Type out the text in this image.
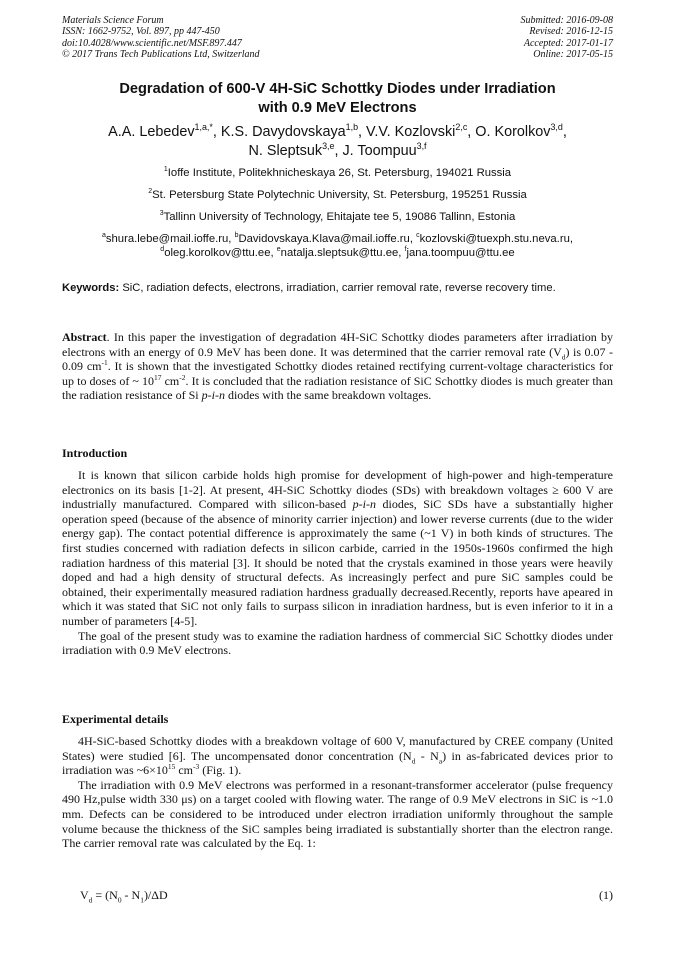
Materials Science Forum
ISSN: 1662-9752, Vol. 897, pp 447-450
doi:10.4028/www.scientific.net/MSF.897.447
© 2017 Trans Tech Publications Ltd, Switzerland
Submitted: 2016-09-08
Revised: 2016-12-15
Accepted: 2017-01-17
Online: 2017-05-15
Degradation of 600-V 4H-SiC Schottky Diodes under Irradiation
with 0.9 MeV Electrons
A.A. Lebedev$^{1,a,*}$, K.S. Davydovskaya$^{1,b}$, V.V. Kozlovski$^{2,c}$, O. Korolkov$^{3,d}$,
N. Sleptsuk$^{3,e}$, J. Toompuu$^{3,f}$
$^1$Ioffe Institute, Politekhnicheskaya 26, St. Petersburg, 194021 Russia
$^2$St. Petersburg State Polytechnic University, St. Petersburg, 195251 Russia
$^3$Tallinn University of Technology, Ehitajate tee 5, 19086 Tallinn, Estonia
$^a$shura.lebe@mail.ioffe.ru, $^b$Davidovskaya.Klava@mail.ioffe.ru, $^c$kozlovski@tuexph.stu.neva.ru,
$^d$oleg.korolkov@ttu.ee, $^e$natalja.sleptsuk@ttu.ee, $^f$jana.toompuu@ttu.ee
Keywords: SiC, radiation defects, electrons, irradiation, carrier removal rate, reverse recovery time.

Abstract. In this paper the investigation of degradation 4H-SiC Schottky diodes parameters after irradiation by electrons with an energy of 0.9 MeV has been done. It was determined that the carrier removal rate $(V_d)$ is 0.07 - 0.09 $cm^{-1}$. It is shown that the investigated Schottky diodes retained rectifying current-voltage characteristics for up to doses of ~ $10^{17}$ $cm^{-2}$. It is concluded that the radiation resistance of SiC Schottky diodes is much greater than the radiation resistance of Si p-i-n diodes with the same breakdown voltages.

Introduction

It is known that silicon carbide holds high promise for development of high-power and high-temperature electronics on its basis [1-2]. At present, 4H-SiC Schottky diodes (SDs) with breakdown voltages ≥ 600 V are industrially manufactured. Compared with silicon-based p-i-n diodes, SiC SDs have a substantially higher operation speed (because of the absence of minority carrier injection) and lower reverse currents (due to the wider energy gap). The contact potential difference is approximately the same (~1 V) in both kinds of structures. The first studies concerned with radiation defects in silicon carbide, carried in the 1950s-1960s confirmed the high radiation hardness of this material [3]. It should be noted that the crystals examined in those years were heavily doped and had a high density of structural defects. As increasingly perfect and pure SiC samples could be obtained, their experimentally measured radiation hardness gradually decreased.Recently, reports have apeared in which it was stated that SiC not only fails to surpass silicon in inradiation hardness, but is even inferior to it in a number of parameters [4-5].

The goal of the present study was to examine the radiation hardness of commercial SiC Schottky diodes under irradiation with 0.9 MeV electrons.

Experimental details

4H-SiC-based Schottky diodes with a breakdown voltage of 600 V, manufactured by CREE company (United States) were studied [6]. The uncompensated donor concentration $(N_d - N_a)$ in as-fabricated devices prior to irradiation was $\sim 6\times 10^{15}$ $cm^{-3}$ (Fig. 1).

The irradiation with 0.9 MeV electrons was performed in a resonant-transformer accelerator (pulse frequency 490 Hz,pulse width 330 μs) on a target cooled with flowing water. The range of 0.9 MeV electrons in SiC is ~1.0 mm. Defects can be considered to be introduced under electron irradiation uniformly throughout the sample volume because the thickness of the SiC samples being irradiated is substantially shorter than the electron range. The carrier removal rate was calculated by the Eq. 1:

$V_d = (N_0 - N_1)/\Delta D$	(1)
